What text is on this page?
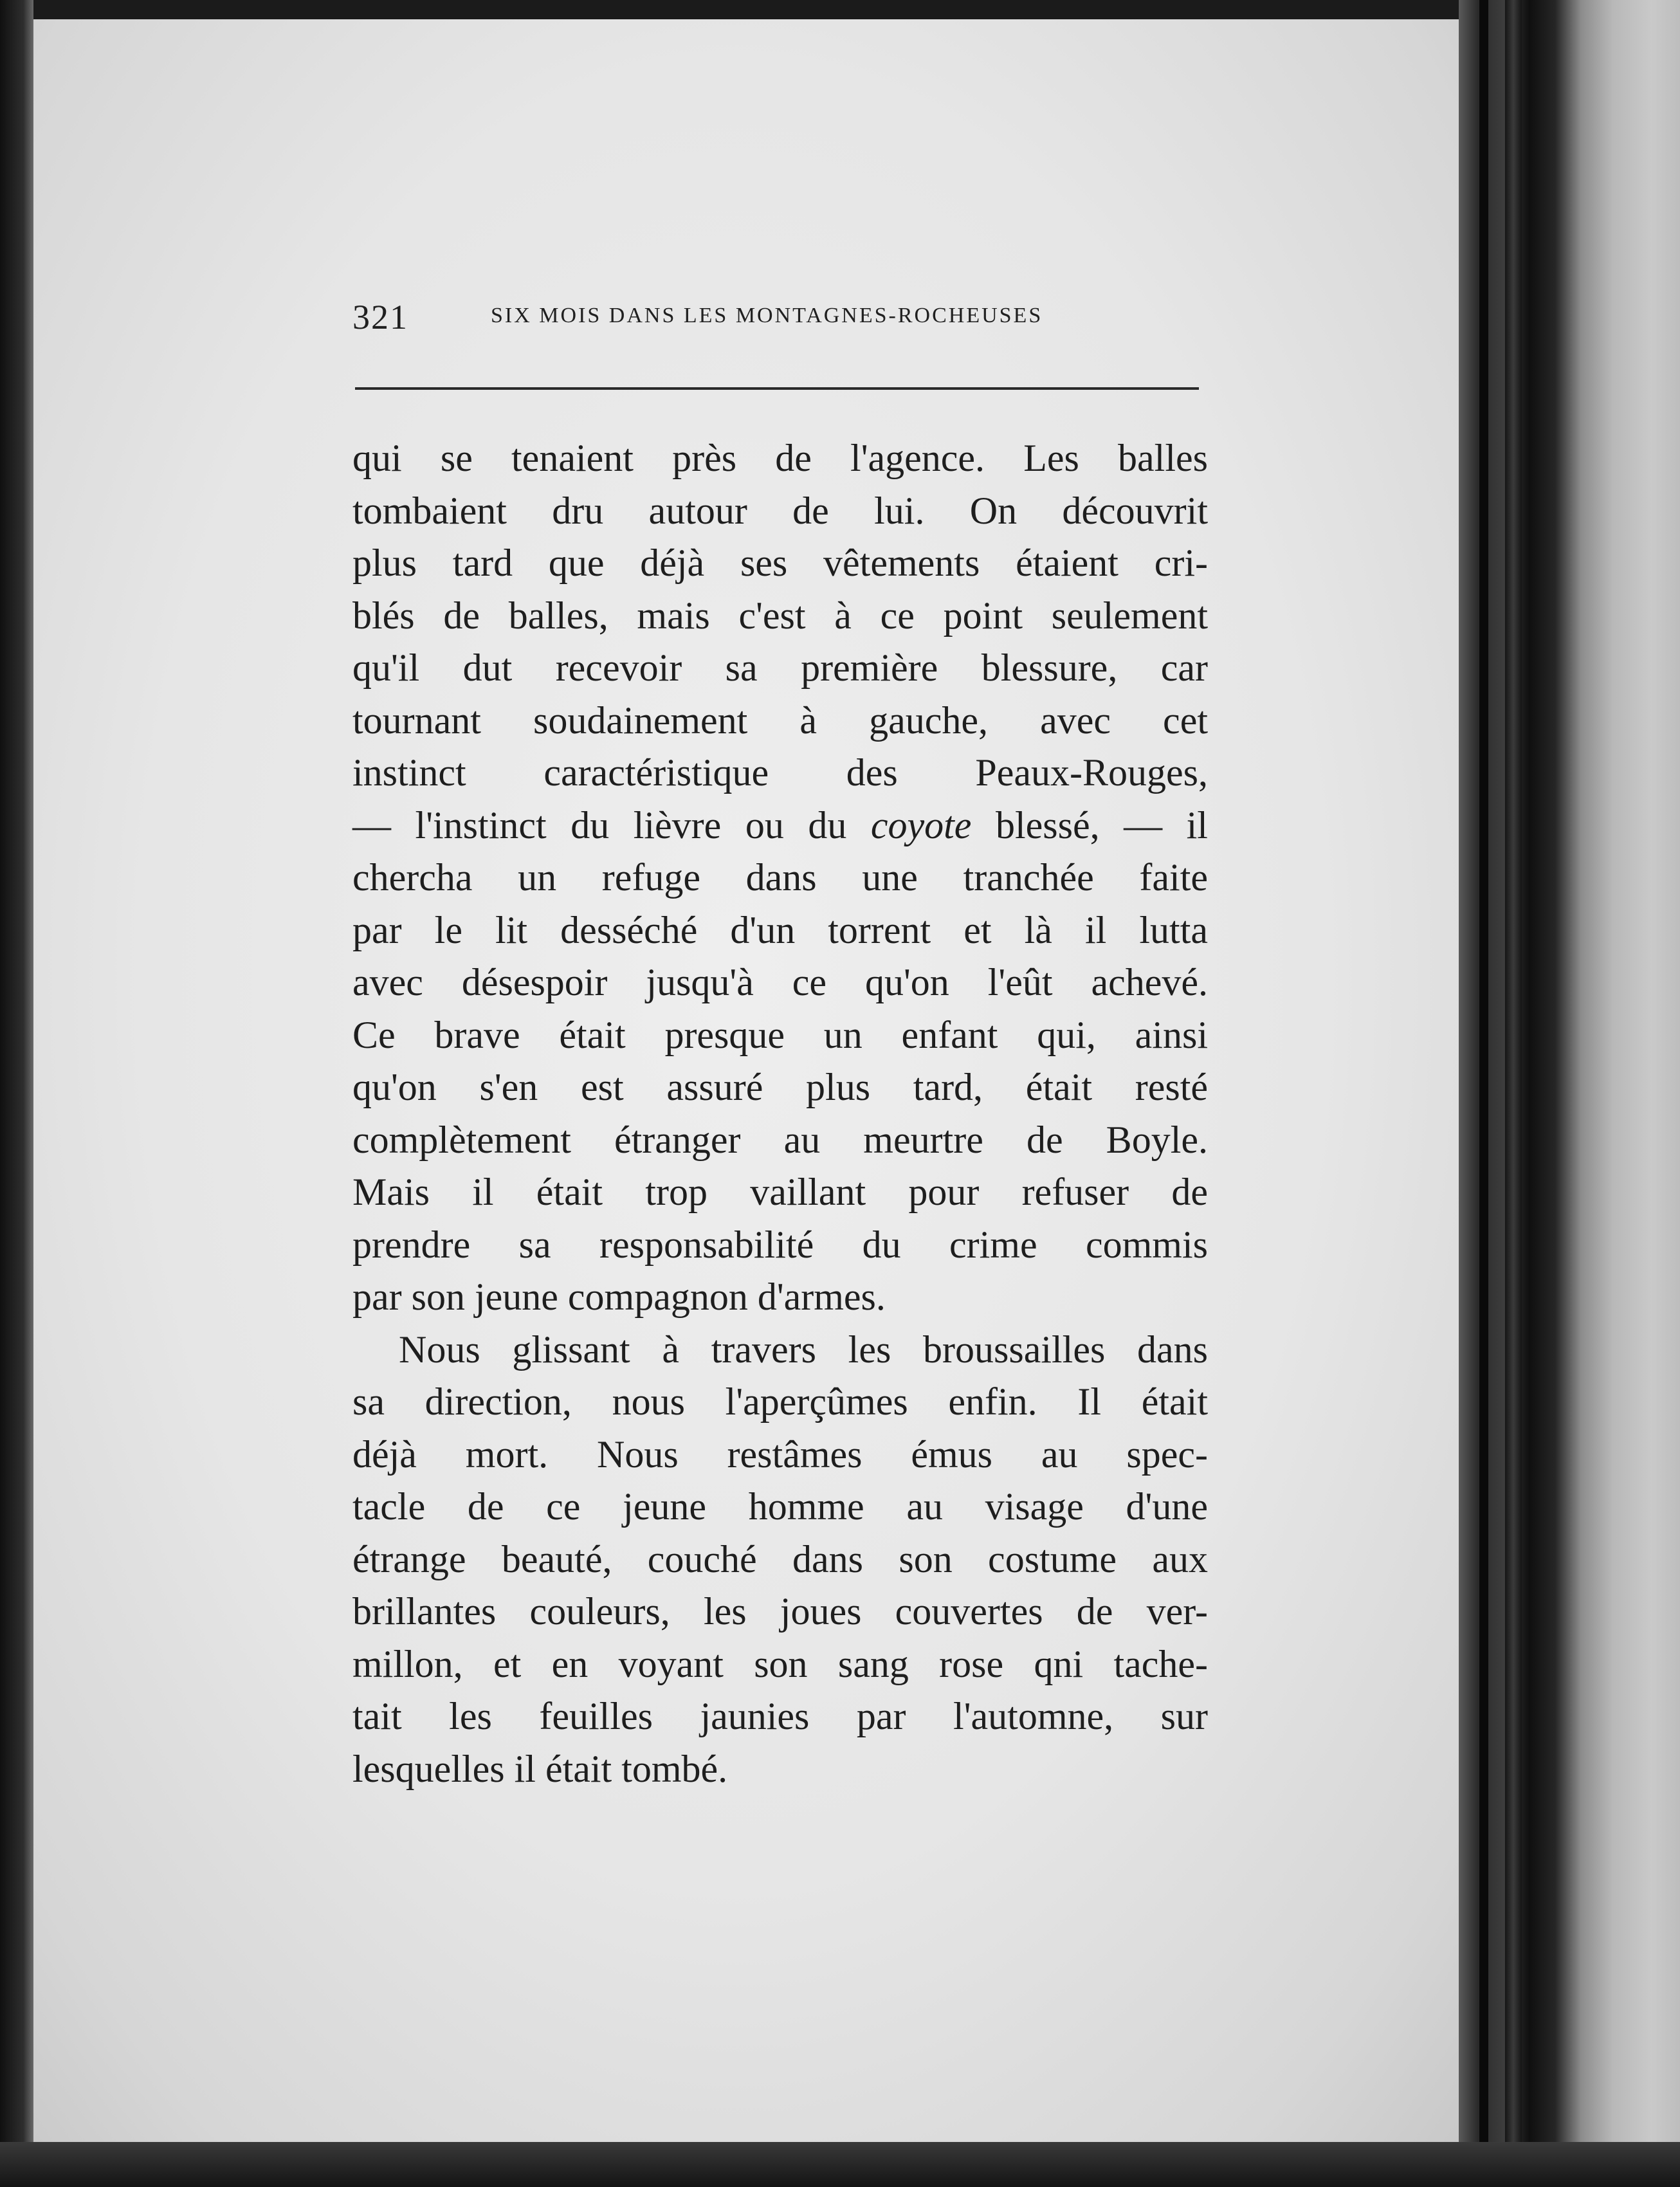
321	SIX MOIS DANS LES MONTAGNES-ROCHEUSES
qui se tenaient près de l'agence. Les balles
tombaient dru autour de lui. On découvrit
plus tard que déjà ses vêtements étaient cri-
blés de balles, mais c'est à ce point seulement
qu'il dut recevoir sa première blessure, car
tournant soudainement à gauche, avec cet
instinct caractéristique des Peaux-Rouges,
— l'instinct du lièvre ou du coyote blessé, — il
chercha un refuge dans une tranchée faite
par le lit desséché d'un torrent et là il lutta
avec désespoir jusqu'à ce qu'on l'eût achevé.
Ce brave était presque un enfant qui, ainsi
qu'on s'en est assuré plus tard, était resté
complètement étranger au meurtre de Boyle.
Mais il était trop vaillant pour refuser de
prendre sa responsabilité du crime commis
par son jeune compagnon d'armes.
Nous glissant à travers les broussailles dans
sa direction, nous l'aperçûmes enfin. Il était
déjà mort. Nous restâmes émus au spec-
tacle de ce jeune homme au visage d'une
étrange beauté, couché dans son costume aux
brillantes couleurs, les joues couvertes de ver-
millon, et en voyant son sang rose qni tache-
tait les feuilles jaunies par l'automne, sur
lesquelles il était tombé.
